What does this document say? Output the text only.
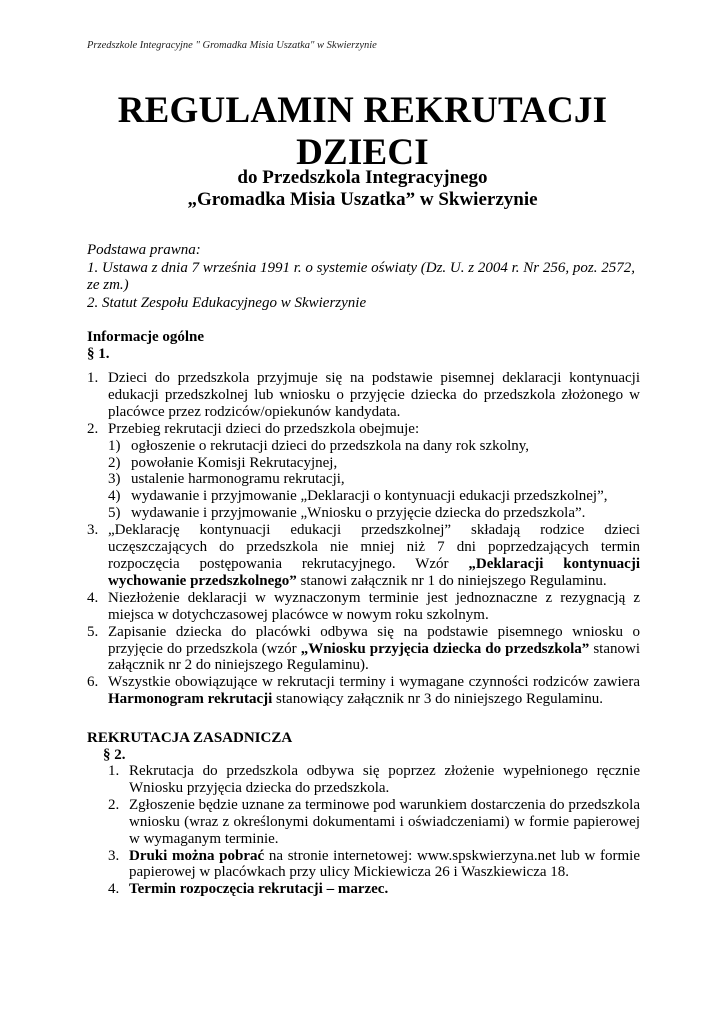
Przedszkole Integracyjne " Gromadka Misia Uszatka" w Skwierzynie
REGULAMIN REKRUTACJI
DZIECI
do Przedszkola Integracyjnego
„Gromadka Misia Uszatka” w Skwierzynie
Podstawa prawna:
1. Ustawa z dnia 7 września 1991 r. o systemie oświaty (Dz. U. z 2004 r. Nr 256, poz. 2572,
ze zm.)
2. Statut Zespołu Edukacyjnego w Skwierzynie
Informacje ogólne
§ 1.
1. Dzieci do przedszkola przyjmuje się na podstawie pisemnej deklaracji kontynuacji edukacji przedszkolnej lub wniosku o przyjęcie dziecka do przedszkola złożonego w placówce przez rodziców/opiekunów kandydata.
2. Przebieg rekrutacji dzieci do przedszkola obejmuje:
1) ogłoszenie o rekrutacji dzieci do przedszkola na dany rok szkolny,
2) powołanie Komisji Rekrutacyjnej,
3) ustalenie harmonogramu rekrutacji,
4) wydawanie i przyjmowanie „Deklaracji o kontynuacji edukacji przedszkolnej”,
5) wydawanie i przyjmowanie „Wniosku o przyjęcie dziecka do przedszkola”.
3. „Deklarację kontynuacji edukacji przedszkolnej” składają rodzice dzieci uczęszczających do przedszkola nie mniej niż 7 dni poprzedzających termin rozpoczęcia postępowania rekrutacyjnego. Wzór „Deklaracji kontynuacji wychowanie przedszkolnego” stanowi załącznik nr 1 do niniejszego Regulaminu.
4. Niezłożenie deklaracji w wyznaczonym terminie jest jednoznaczne z rezygnacją z miejsca w dotychczasowej placówce w nowym roku szkolnym.
5. Zapisanie dziecka do placówki odbywa się na podstawie pisemnego wniosku o przyjęcie do przedszkola (wzór „Wniosku przyjęcia dziecka do przedszkola” stanowi załącznik nr 2 do niniejszego Regulaminu).
6. Wszystkie obowiązujące w rekrutacji terminy i wymagane czynności rodziców zawiera Harmonogram rekrutacji stanowiący załącznik nr 3 do niniejszego Regulaminu.
REKRUTACJA ZASADNICZA
§ 2.
1. Rekrutacja do przedszkola odbywa się poprzez złożenie wypełnionego ręcznie Wniosku przyjęcia dziecka do przedszkola.
2. Zgłoszenie będzie uznane za terminowe pod warunkiem dostarczenia do przedszkola wniosku (wraz z określonymi dokumentami i oświadczeniami) w formie papierowej w wymaganym terminie.
3. Druki można pobrać na stronie internetowej: www.spskwierzyna.net lub w formie papierowej w placówkach przy ulicy Mickiewicza 26 i Waszkiewicza 18.
4. Termin rozpoczęcia rekrutacji – marzec.
